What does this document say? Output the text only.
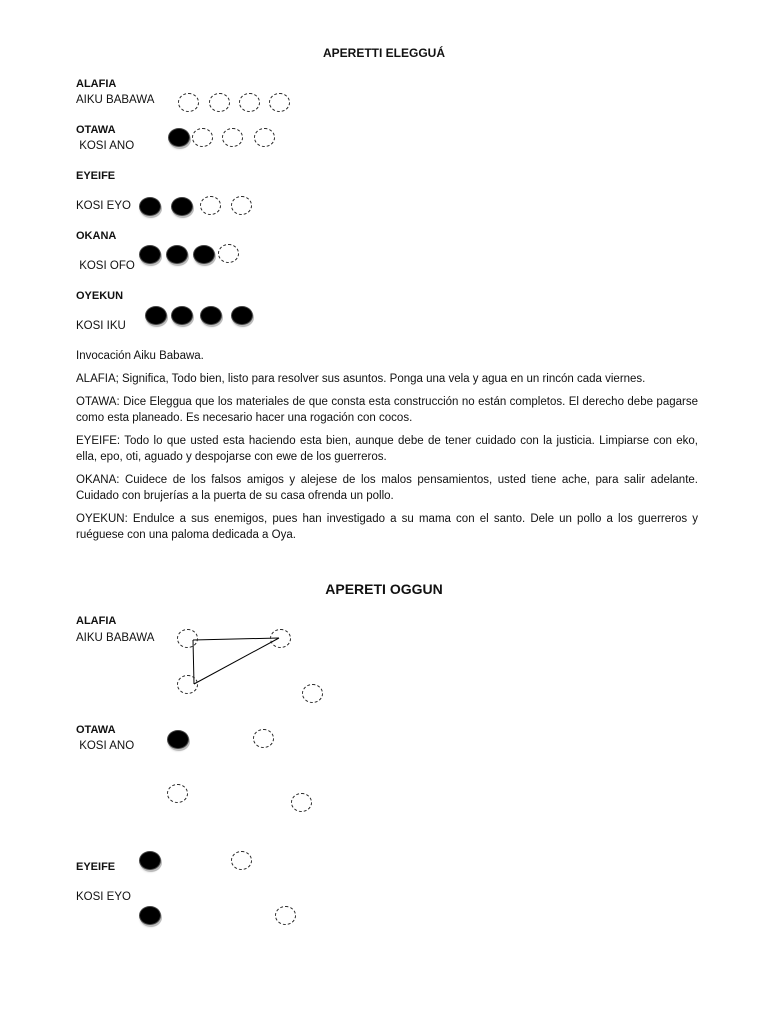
APERETTI ELEGGUÁ
ALAFIA
AIKU BABAWA
OTAWA
KOSI ANO
EYEIFE
KOSI EYO
OKANA
KOSI OFO
OYEKUN
KOSI IKU
Invocación Aiku Babawa.
ALAFIA; Significa, Todo bien, listo para resolver sus asuntos. Ponga una vela y agua en un rincón cada viernes.
OTAWA: Dice Eleggua que los materiales de que consta esta construcción no están completos. El derecho debe pagarse como esta planeado. Es necesario hacer una rogación con cocos.
EYEIFE: Todo lo que usted esta haciendo esta bien, aunque debe de tener cuidado con la justicia. Limpiarse con eko, ella, epo, oti, aguado y despojarse con ewe de los guerreros.
OKANA: Cuidece de los falsos amigos y alejese de los malos pensamientos, usted tiene ache, para salir adelante. Cuidado con brujerías a la puerta de su casa ofrenda un pollo.
OYEKUN: Endulce a sus enemigos, pues han investigado a su mama con el santo. Dele un pollo a los guerreros y ruéguese con una paloma dedicada a Oya.
APERETI OGGUN
ALAFIA
AIKU BABAWA
OTAWA
KOSI ANO
EYEIFE
KOSI EYO
